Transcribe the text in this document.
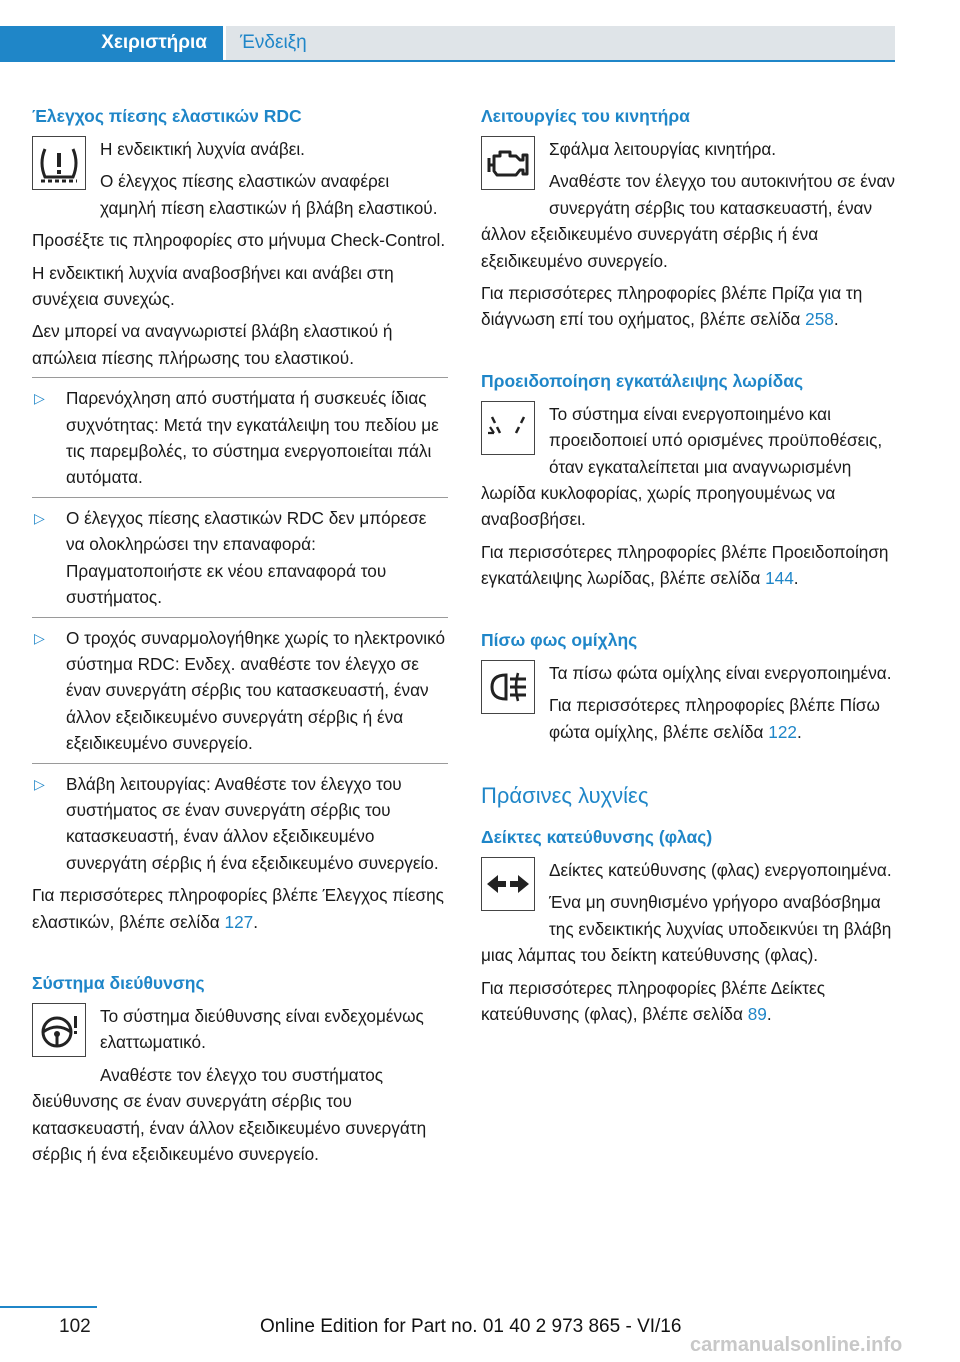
Χειριστήρια	Ένδειξη
Έλεγχος πίεσης ελαστικών RDC

Η ενδεικτική λυχνία ανάβει.

Ο έλεγχος πίεσης ελαστικών αναφέρει χαμηλή πίεση ελαστικών ή βλάβη ελαστικού.

Προσέξτε τις πληροφορίες στο μήνυμα Check-Control.

Η ενδεικτική λυχνία αναβοσβήνει και ανάβει στη συνέχεια συνεχώς.

Δεν μπορεί να αναγνωριστεί βλάβη ελαστικού ή απώλεια πίεσης πλήρωσης του ελαστικού.

▷ Παρενόχληση από συστήματα ή συσκευές ίδιας συχνότητας: Μετά την εγκατάλειψη του πεδίου με τις παρεμβολές, το σύστημα ενεργοποιείται πάλι αυτόματα.
▷ Ο έλεγχος πίεσης ελαστικών RDC δεν μπόρεσε να ολοκληρώσει την επαναφορά: Πραγματοποιήστε εκ νέου επαναφορά του συστήματος.
▷ Ο τροχός συναρμολογήθηκε χωρίς το ηλεκτρονικό σύστημα RDC: Ενδεχ. αναθέστε τον έλεγχο σε έναν συνεργάτη σέρβις του κατασκευαστή, έναν άλλον εξειδικευμένο συνεργάτη σέρβις ή ένα εξειδικευμένο συνεργείο.
▷ Βλάβη λειτουργίας: Αναθέστε τον έλεγχο του συστήματος σε έναν συνεργάτη σέρβις του κατασκευαστή, έναν άλλον εξειδικευμένο συνεργάτη σέρβις ή ένα εξειδικευμένο συνεργείο.

Για περισσότερες πληροφορίες βλέπε Έλεγχος πίεσης ελαστικών, βλέπε σελίδα 127.

Σύστημα διεύθυνσης

Το σύστημα διεύθυνσης είναι ενδεχομένως ελαττωματικό.

Αναθέστε τον έλεγχο του συστήματος διεύθυνσης σε έναν συνεργάτη σέρβις του κατασκευαστή, έναν άλλον εξειδικευμένο συνεργάτη σέρβις ή ένα εξειδικευμένο συνεργείο.

Λειτουργίες του κινητήρα

Σφάλμα λειτουργίας κινητήρα.

Αναθέστε τον έλεγχο του αυτοκινήτου σε έναν συνεργάτη σέρβις του κατασκευαστή, έναν άλλον εξειδικευμένο συνεργάτη σέρβις ή ένα εξειδικευμένο συνεργείο.

Για περισσότερες πληροφορίες βλέπε Πρίζα για τη διάγνωση επί του οχήματος, βλέπε σελίδα 258.

Προειδοποίηση εγκατάλειψης λωρίδας

Το σύστημα είναι ενεργοποιημένο και προειδοποιεί υπό ορισμένες προϋποθέσεις, όταν εγκαταλείπεται μια αναγνωρισμένη λωρίδα κυκλοφορίας, χωρίς προηγουμένως να αναβοσβήσει.

Για περισσότερες πληροφορίες βλέπε Προειδοποίηση εγκατάλειψης λωρίδας, βλέπε σελίδα 144.

Πίσω φως ομίχλης

Τα πίσω φώτα ομίχλης είναι ενεργοποιημένα.

Για περισσότερες πληροφορίες βλέπε Πίσω φώτα ομίχλης, βλέπε σελίδα 122.

Πράσινες λυχνίες
Δείκτες κατεύθυνσης (φλας)

Δείκτες κατεύθυνσης (φλας) ενεργοποιημένα.

Ένα μη συνηθισμένο γρήγορο αναβόσβημα της ενδεικτικής λυχνίας υποδεικνύει τη βλάβη μιας λάμπας του δείκτη κατεύθυνσης (φλας).

Για περισσότερες πληροφορίες βλέπε Δείκτες κατεύθυνσης (φλας), βλέπε σελίδα 89.

102	Online Edition for Part no. 01 40 2 973 865 - VI/16
carmanualsonline.info
